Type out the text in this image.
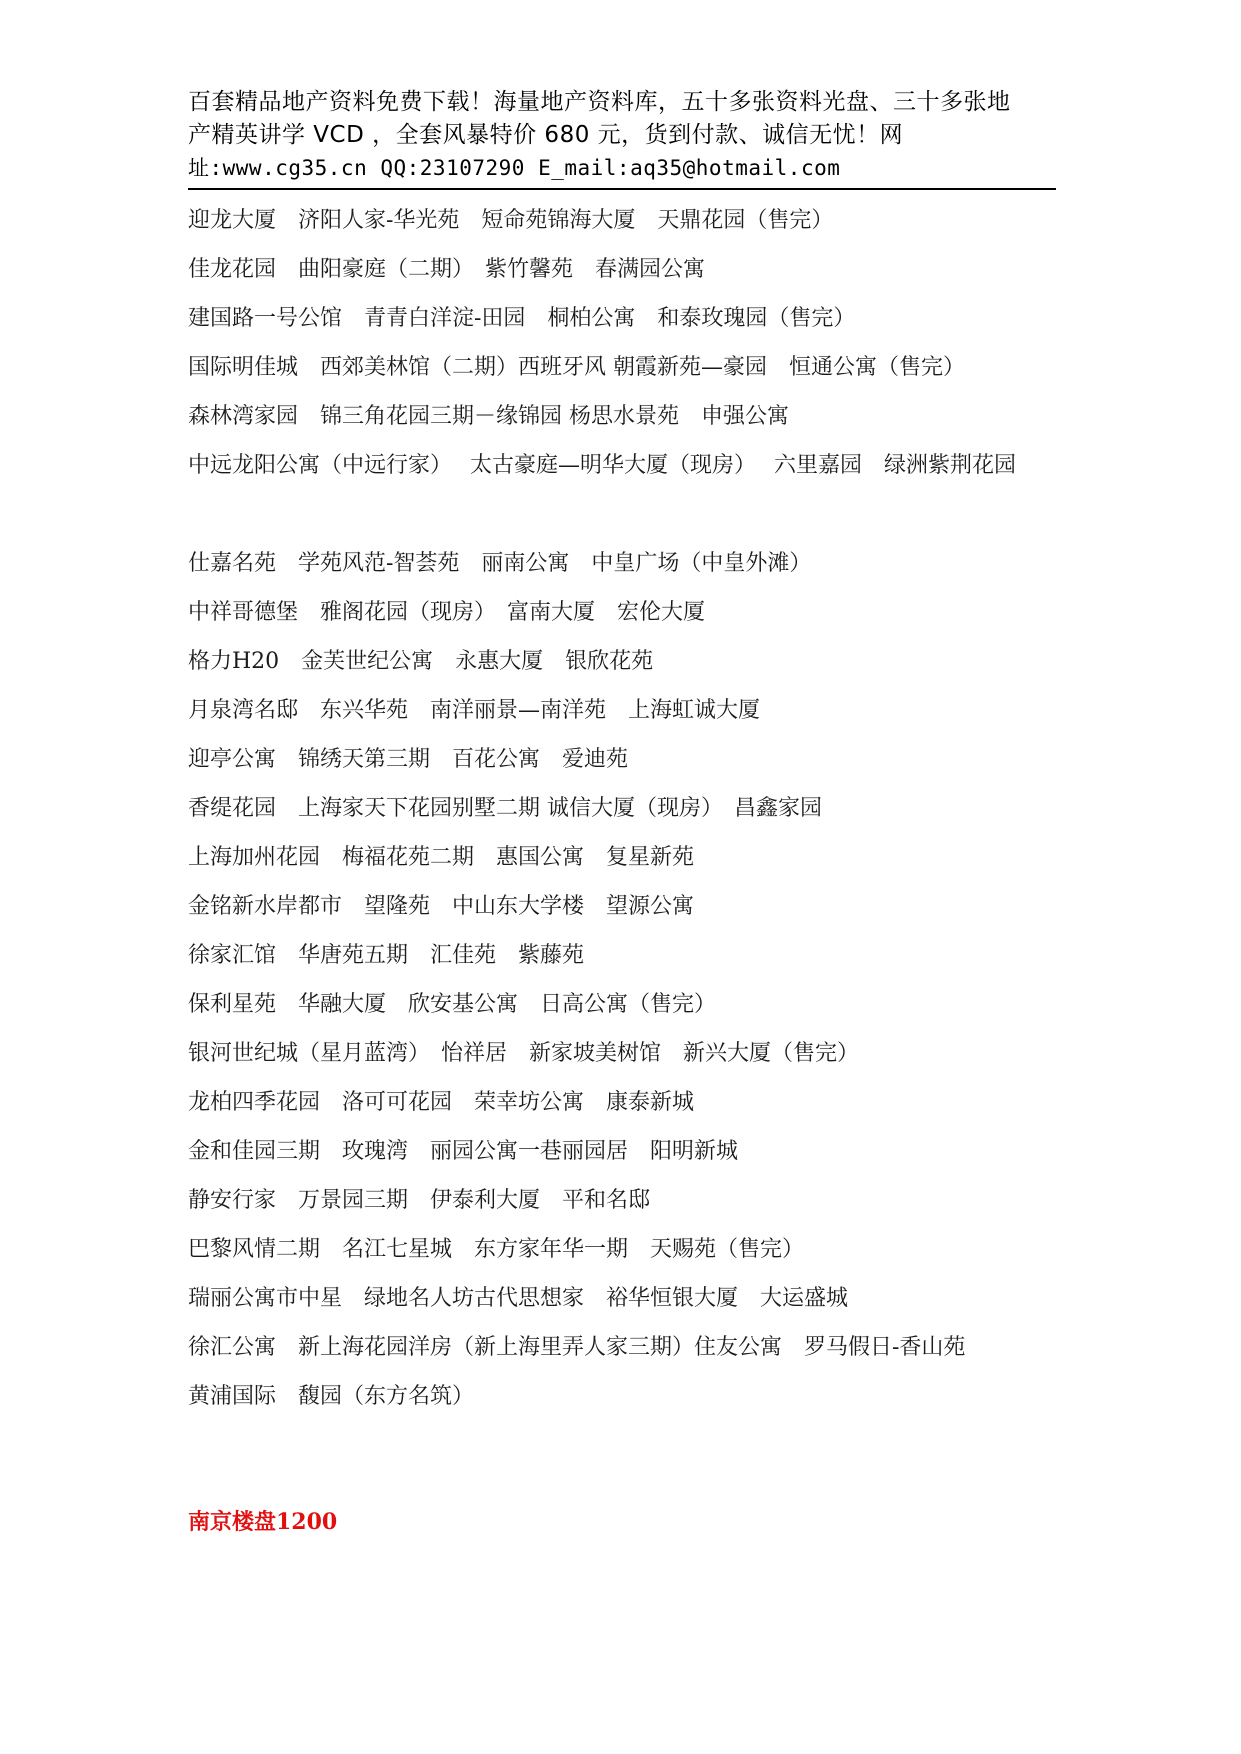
百套精品地产资料免费下载！海量地产资料库，五十多张资料光盘、三十多张地
产精英讲学 VCD ，全套风暴特价 680 元，货到付款、诚信无忧！网
址:www.cg35.cn QQ:23107290 E_mail:aq35@hotmail.com
迎龙大厦　济阳人家-华光苑　短命苑锦海大厦　天鼎花园（售完）
佳龙花园　曲阳豪庭（二期）　紫竹馨苑　春满园公寓
建国路一号公馆　青青白洋淀-田园　桐柏公寓　和泰玫瑰园（售完）
国际明佳城　西郊美林馆（二期）西班牙风 朝霞新苑—豪园　恒通公寓（售完）
森林湾家园　锦三角花园三期－缘锦园 杨思水景苑　申强公寓
中远龙阳公寓（中远行家）　 太古豪庭—明华大厦（现房）　 六里嘉园　绿洲紫荆花园
仕嘉名苑　学苑风范-智荟苑　丽南公寓　中皇广场（中皇外滩）
中祥哥德堡　雅阁花园（现房）　富南大厦　宏伦大厦
格力H20　金芙世纪公寓　永惠大厦　银欣花苑
月泉湾名邸　东兴华苑　南洋丽景—南洋苑　上海虹诚大厦
迎亭公寓　锦绣天第三期　百花公寓　爱迪苑
香缇花园　上海家天下花园别墅二期 诚信大厦（现房）　昌鑫家园
上海加州花园　梅福花苑二期　惠国公寓　复星新苑
金铭新水岸都市　望隆苑　中山东大学楼　望源公寓
徐家汇馆　华唐苑五期　汇佳苑　紫藤苑
保利星苑　华融大厦　欣安基公寓　日高公寓（售完）
银河世纪城（星月蓝湾）　怡祥居　新家坡美树馆　新兴大厦（售完）
龙柏四季花园　洛可可花园　荣幸坊公寓　康泰新城
金和佳园三期　玫瑰湾　丽园公寓一巷丽园居　阳明新城
静安行家　万景园三期　伊泰利大厦　平和名邸
巴黎风情二期　名江七星城　东方家年华一期　天赐苑（售完）
瑞丽公寓市中星　绿地名人坊古代思想家　裕华恒银大厦　大运盛城
徐汇公寓　新上海花园洋房（新上海里弄人家三期）住友公寓　罗马假日-香山苑
黄浦国际　馥园（东方名筑）
南京楼盘1200
